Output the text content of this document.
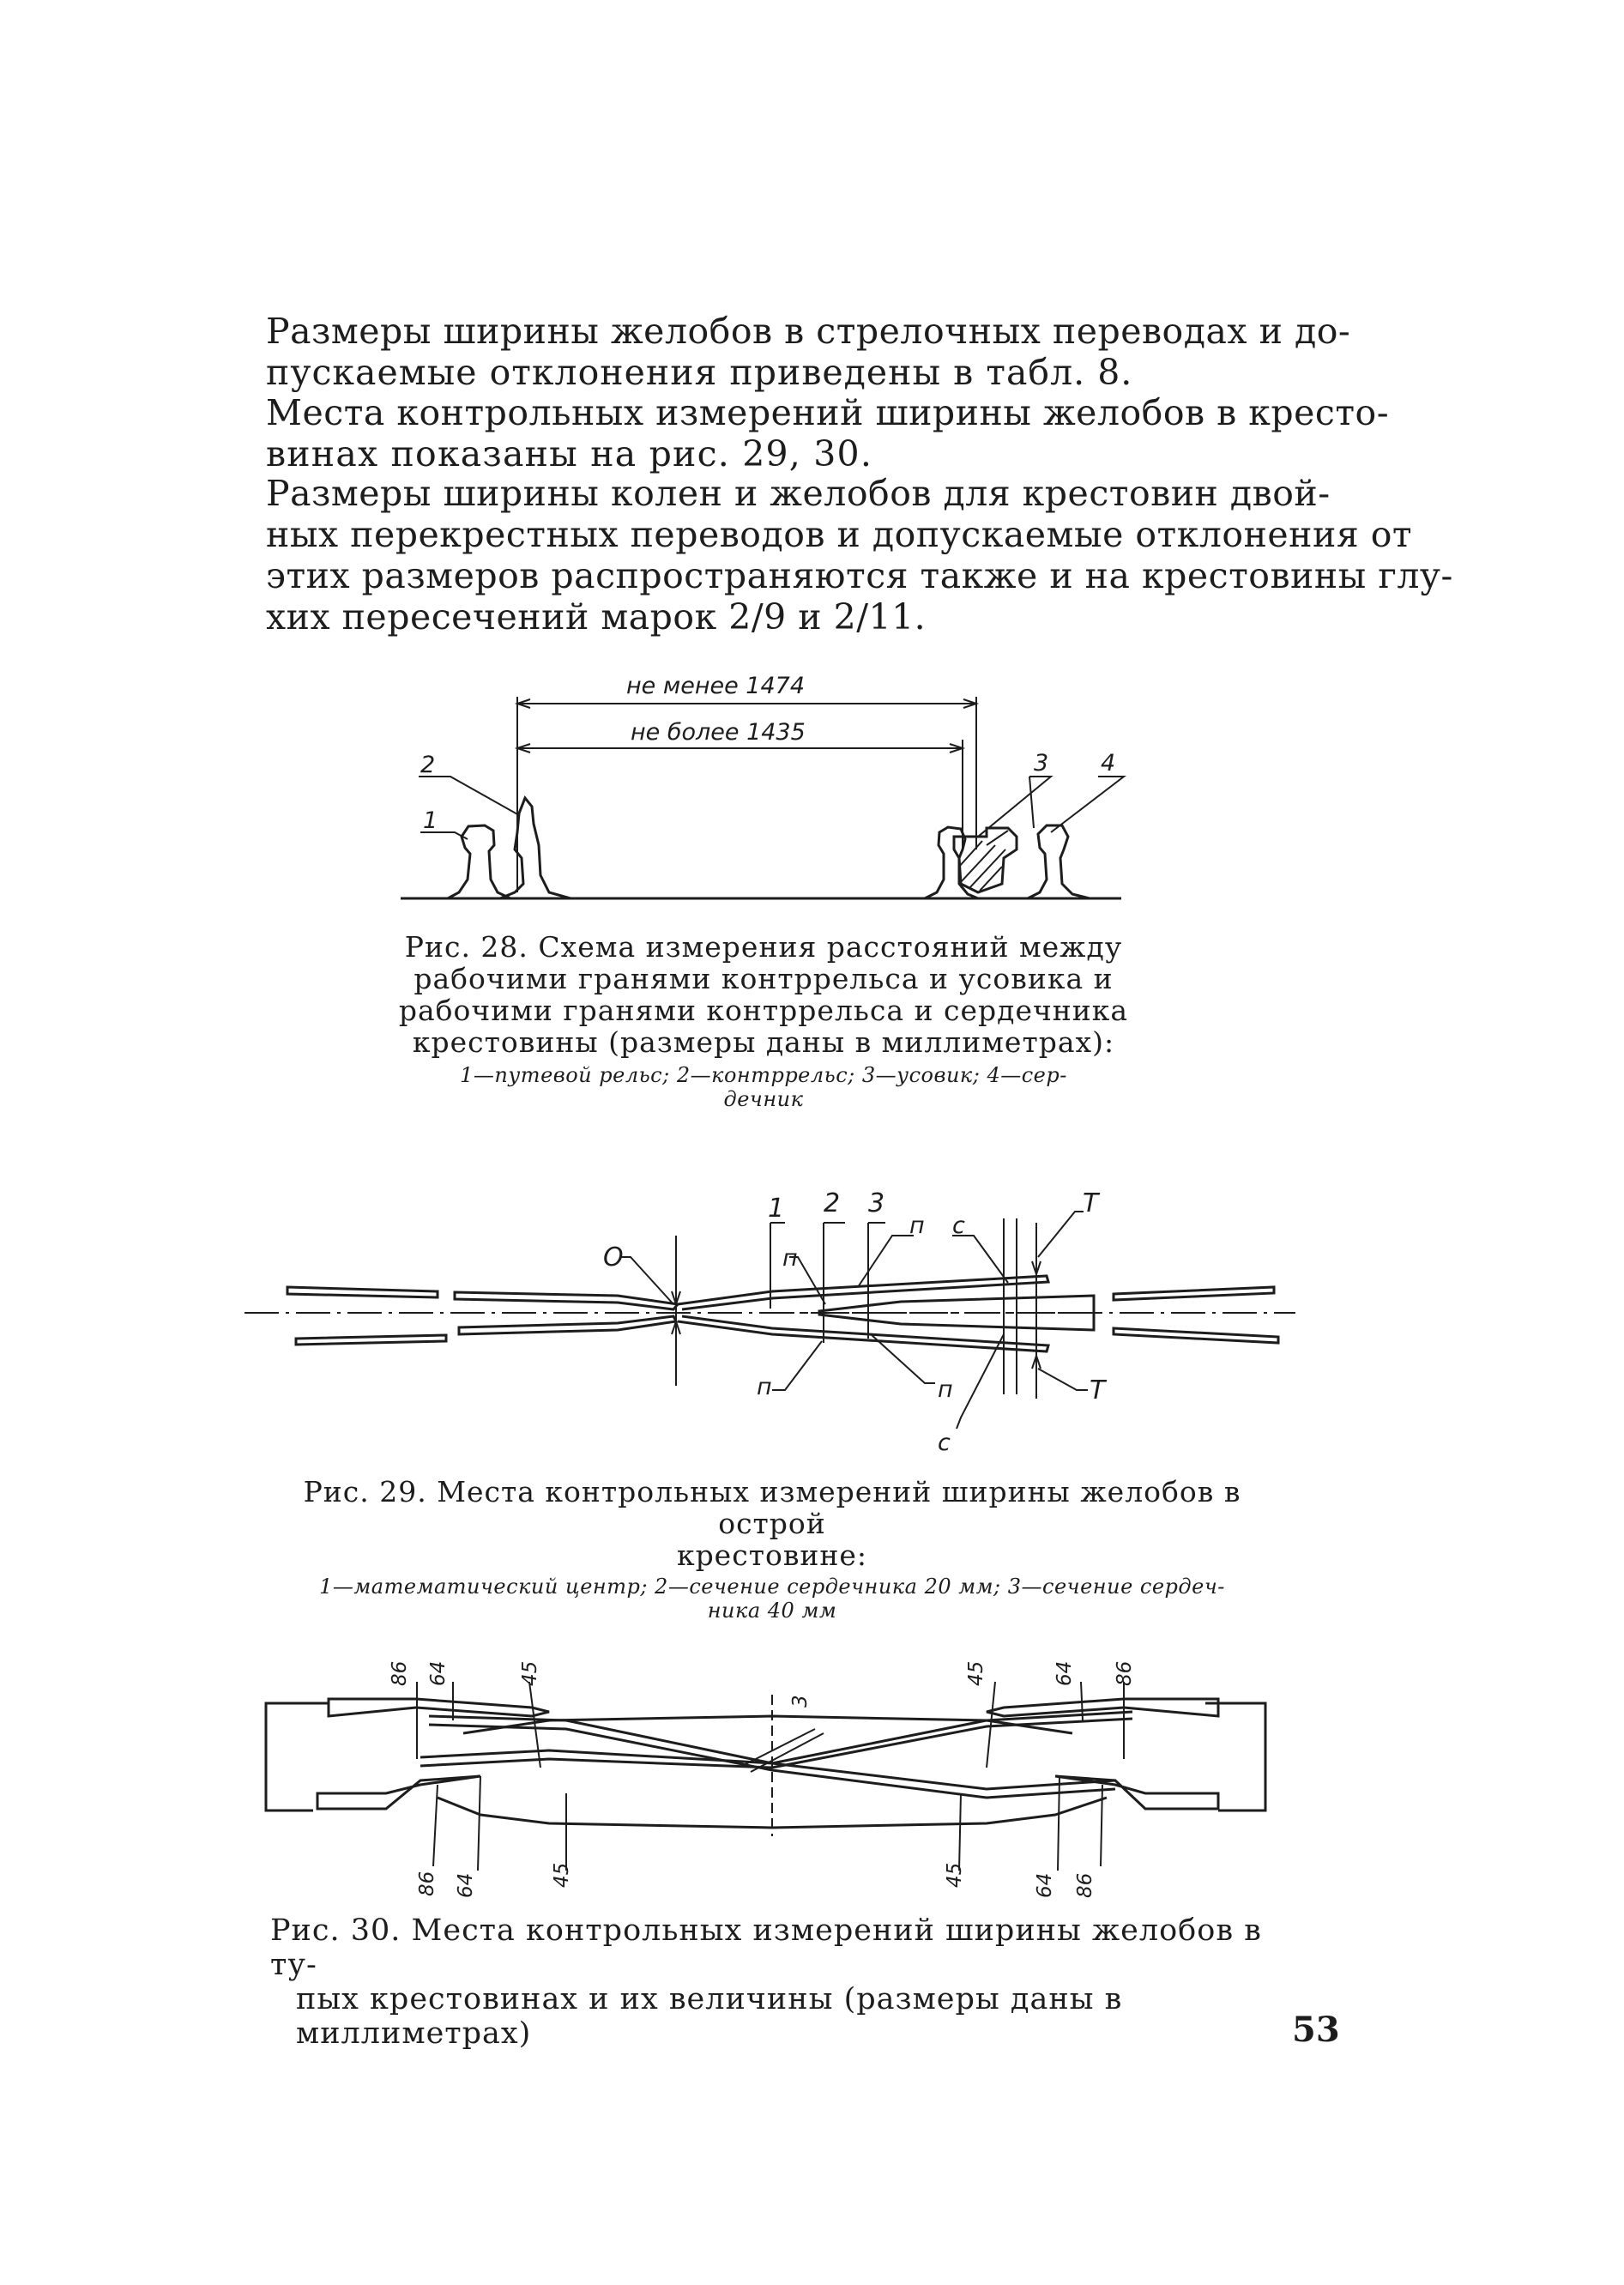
Размеры ширины желобов в стрелочных переводах и до-
пускаемые отклонения приведены в табл. 8.
Места контрольных измерений ширины желобов в кресто-
винах показаны на рис. 29, 30.
Размеры ширины колен и желобов для крестовин двой-
ных перекрестных переводов и допускаемые отклонения от
этих размеров распространяются также и на крестовины глу-
хих пересечений марок 2/9 и 2/11.
не менее 1474
не более 1435
1
2	3 4
Рис. 28. Схема измерения расстояний между
рабочими гранями контррельса и усовика и
рабочими гранями контррельса и сердечника
крестовины (размеры даны в миллиметрах):
1—путевой рельс; 2—контррельс; 3—усовик; 4—сер-
дечник
1 2 3
п с
Т
О	п
п	п
с
Т
Рис. 29. Места контрольных измерений ширины желобов в острой
крестовине:
1—математический центр; 2—сечение сердечника 20 мм; 3—сечение сердеч-
ника 40 мм
86 64	45
3
45	64 86
86 64	45	45	64 86
Рис. 30. Места контрольных измерений ширины желобов в ту-
пых крестовинах и их величины (размеры даны в миллиметрах)	53
